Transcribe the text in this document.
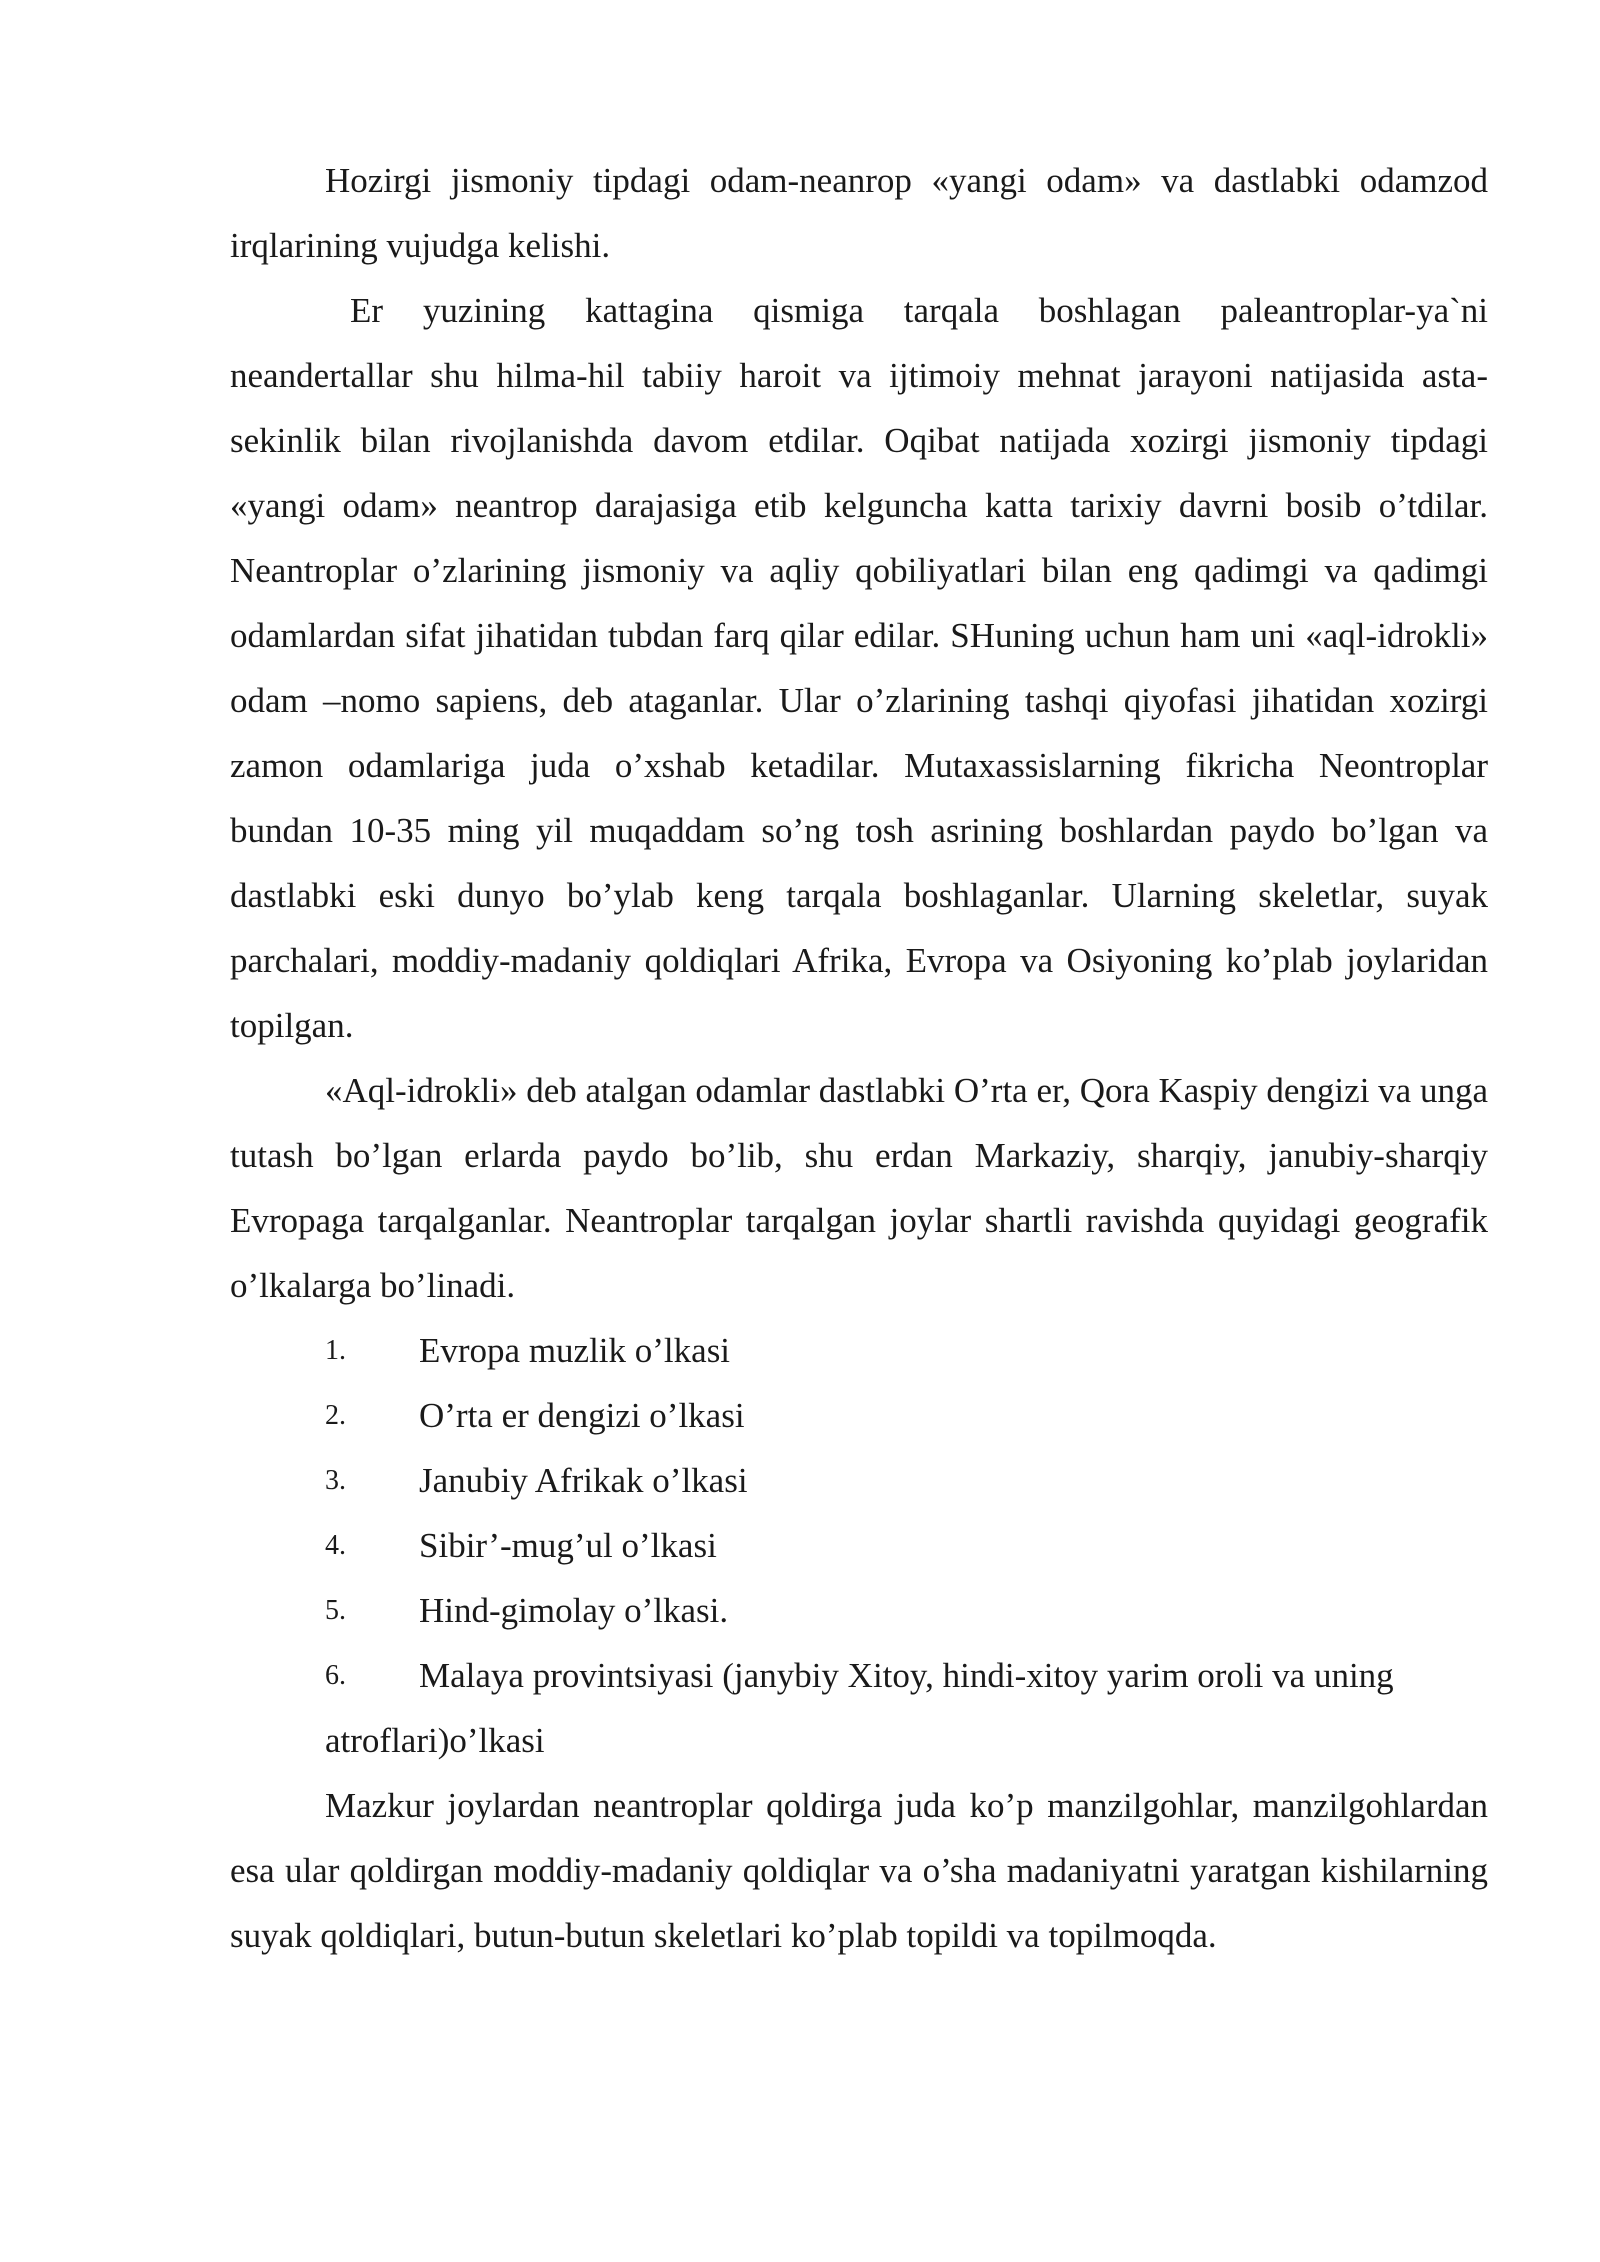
Hozirgi jismoniy tipdagi odam-neanrop «yangi odam» va dastlabki odamzod irqlarining vujudga kelishi.

Er yuzining kattagina qismiga tarqala boshlagan paleantroplar-ya`ni neandertallar shu hilma-hil tabiiy haroit va ijtimoiy mehnat jarayoni natijasida asta-sekinlik bilan rivojlanishda davom etdilar. Oqibat natijada xozirgi jismoniy tipdagi «yangi odam» neantrop darajasiga etib kelguncha katta tarixiy davrni bosib o’tdilar. Neantroplar o’zlarining jismoniy va aqliy qobiliyatlari bilan eng qadimgi va qadimgi odamlardan sifat jihatidan tubdan farq qilar edilar. SHuning uchun ham uni «aql-idrokli» odam –nomo sapiens, deb ataganlar. Ular o’zlarining tashqi qiyofasi jihatidan xozirgi zamon odamlariga juda o’xshab ketadilar. Mutaxassislarning fikricha Neontroplar bundan 10-35 ming yil muqaddam so’ng tosh asrining boshlardan paydo bo’lgan va dastlabki eski dunyo bo’ylab keng tarqala boshlaganlar. Ularning skeletlar, suyak parchalari, moddiy-madaniy qoldiqlari Afrika, Evropa va Osiyoning ko’plab joylaridan topilgan.

«Aql-idrokli» deb atalgan odamlar dastlabki O’rta er, Qora Kaspiy dengizi va unga tutash bo’lgan erlarda paydo bo’lib, shu erdan Markaziy, sharqiy, janubiy-sharqiy Evropaga tarqalganlar. Neantroplar tarqalgan joylar shartli ravishda quyidagi geografik o’lkalarga bo’linadi.

1.	Evropa muzlik o’lkasi
2.	O’rta er dengizi o’lkasi
3.	Janubiy Afrikak o’lkasi
4.	Sibir’-mug’ul o’lkasi
5.	Hind-gimolay o’lkasi.
6.	Malaya provintsiyasi (janybiy Xitoy, hindi-xitoy yarim oroli va uning
atroflari)o’lkasi

Mazkur joylardan neantroplar qoldirga juda ko’p manzilgohlar, manzilgohlardan esa ular qoldirgan moddiy-madaniy qoldiqlar va o’sha madaniyatni yaratgan kishilarning suyak qoldiqlari, butun-butun skeletlari ko’plab topildi va topilmoqda.
